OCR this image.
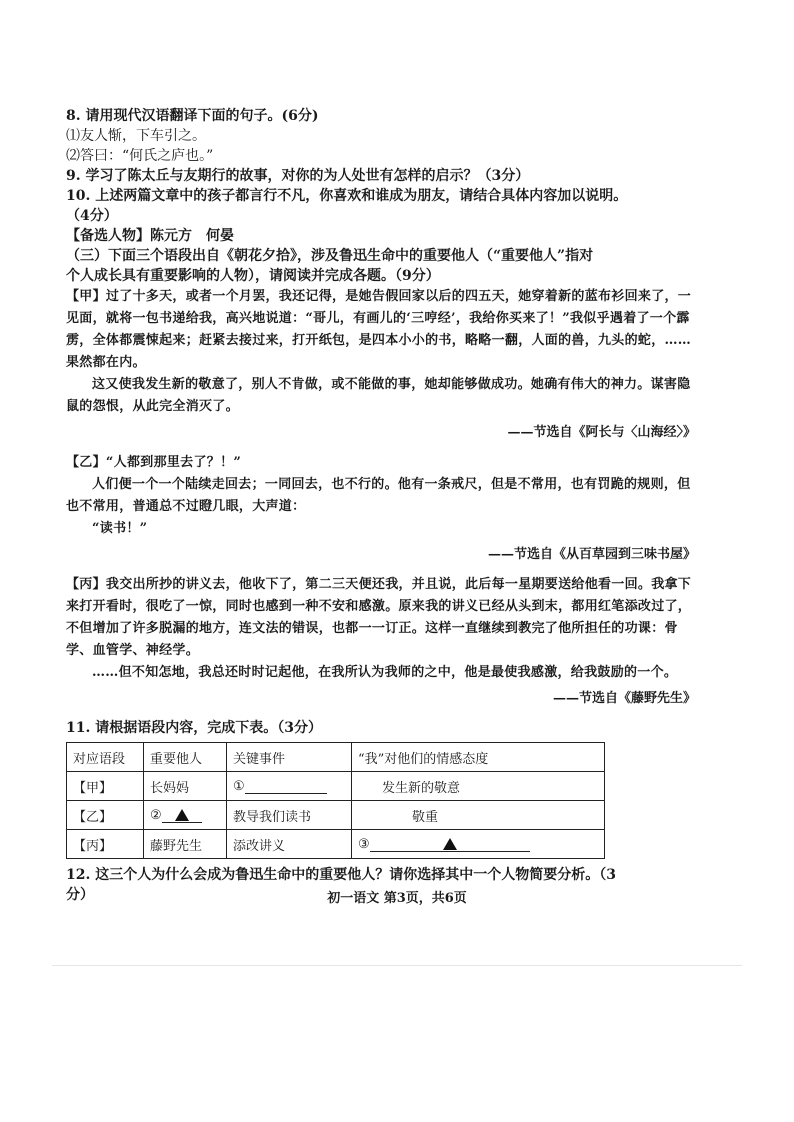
8. 请用现代汉语翻译下面的句子。(6分)

⑴友人惭，下车引之。

⑵答曰：“何氏之庐也。”

9. 学习了陈太丘与友期行的故事，对你的为人处世有怎样的启示？（3分）

10. 上述两篇文章中的孩子都言行不凡，你喜欢和谁成为朋友，请结合具体内容加以说明。

（4分）

【备选人物】陈元方　何晏

（三）下面三个语段出自《朝花夕拾》，涉及鲁迅生命中的重要他人（“重要他人”指对

个人成长具有重要影响的人物），请阅读并完成各题。（9分）

【甲】过了十多天，或者一个月罢，我还记得，是她告假回家以后的四五天，她穿着新的蓝布衫回来了，一见面，就将一包书递给我，高兴地说道：“哥儿，有画儿的‘三哼经’，我给你买来了！”我似乎遇着了一个霹雳，全体都震悚起来；赶紧去接过来，打开纸包，是四本小小的书，略略一翻，人面的兽，九头的蛇，……果然都在内。

这又使我发生新的敬意了，别人不肯做，或不能做的事，她却能够做成功。她确有伟大的神力。谋害隐鼠的怨恨，从此完全消灭了。

——节选自《阿长与〈山海经〉》

【乙】“人都到那里去了？！”

人们便一个一个陆续走回去；一同回去，也不行的。他有一条戒尺，但是不常用，也有罚跪的规则，但也不常用，普通总不过瞪几眼，大声道：

“读书！”

——节选自《从百草园到三味书屋》

【丙】我交出所抄的讲义去，他收下了，第二三天便还我，并且说，此后每一星期要送给他看一回。我拿下来打开看时，很吃了一惊，同时也感到一种不安和感激。原来我的讲义已经从头到末，都用红笔添改过了，不但增加了许多脱漏的地方，连文法的错误，也都一一订正。这样一直继续到教完了他所担任的功课：骨学、血管学、神经学。

……但不知怎地，我总还时时记起他，在我所认为我师的之中，他是最使我感激，给我鼓励的一个。

——节选自《藤野先生》

11. 请根据语段内容，完成下表。（3分）

对应语段	重要他人	关键事件	“我”对他们的情感态度
【甲】	长妈妈	①	发生新的敬意
【乙】	②	教导我们读书	敬重
【丙】	藤野先生	添改讲义	③

12. 这三个人为什么会成为鲁迅生命中的重要他人？请你选择其中一个人物简要分析。（3

分）	初一语文 第3页，共6页
